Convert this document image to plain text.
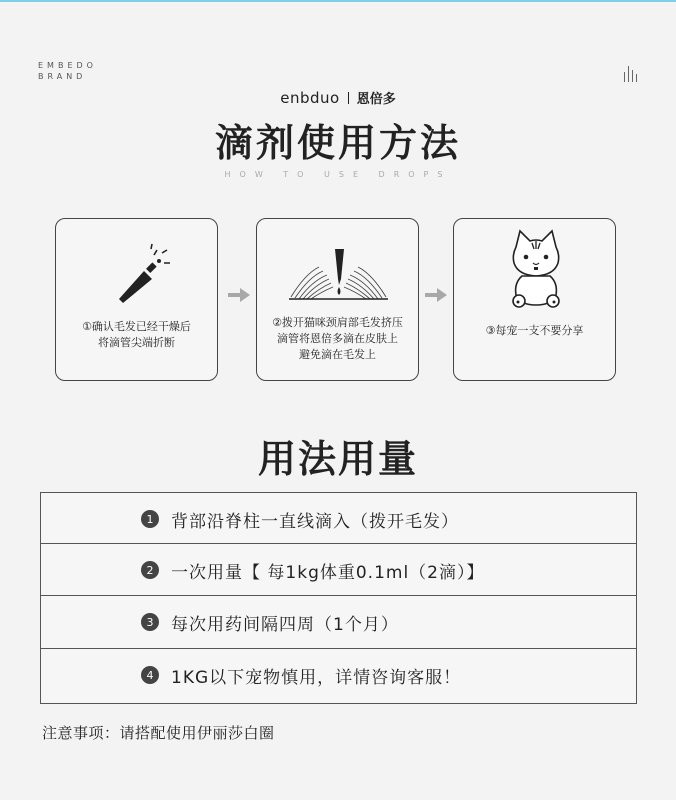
EMBEDO
BRAND
enbduo 恩倍多
滴剂使用方法
HOW TO USE DROPS
①确认毛发已经干燥后
将滴管尖端折断
②拨开猫咪颈肩部毛发挤压
滴管将恩倍多滴在皮肤上
避免滴在毛发上
③每宠一支不要分享
用法用量
1	背部沿脊柱一直线滴入（拨开毛发）
2	一次用量【 每1kg体重0.1ml（2滴）】
3	每次用药间隔四周（1个月）
4	1KG以下宠物慎用，详情咨询客服！
注意事项：请搭配使用伊丽莎白圈
